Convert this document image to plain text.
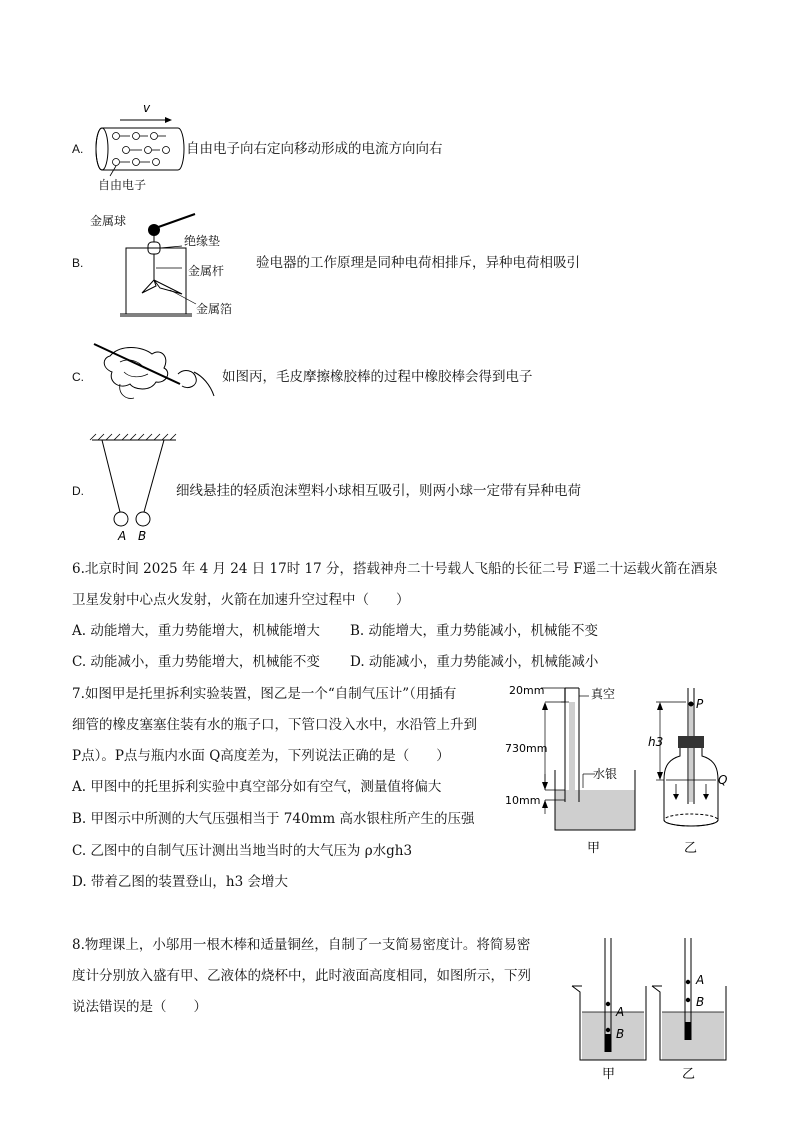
A.
v
自由电子
自由电子向右定向移动形成的电流方向向右
B.
金属球
绝缘垫
金属杆
金属箔
验电器的工作原理是同种电荷相排斥，异种电荷相吸引
C.	如图丙，毛皮摩擦橡胶棒的过程中橡胶棒会得到电子
D.
A B
细线悬挂的轻质泡沫塑料小球相互吸引，则两小球一定带有异种电荷
6.北京时间 2025 年 4 月 24 日 17时 17 分，搭载神舟二十号载人飞船的长征二号 F遥二十运载火箭在酒泉
卫星发射中心点火发射，火箭在加速升空过程中（　　）
A. 动能增大，重力势能增大，机械能增大 B. 动能增大，重力势能减小，机械能不变
C. 动能减小，重力势能增大，机械能不变 D. 动能减小，重力势能减小，机械能减小
7.如图甲是托里拆利实验装置，图乙是一个“自制气压计”（用插有
细管的橡皮塞塞住装有水的瓶子口，下管口没入水中，水沿管上升到
P点）。P点与瓶内水面 Q高度差为，下列说法正确的是（　　）
A. 甲图中的托里拆利实验中真空部分如有空气，测量值将偏大
B. 甲图示中所测的大气压强相当于 740mm 高水银柱所产生的压强
C. 乙图中的自制气压计测出当地当时的大气压为 ρ水gh3
D. 带着乙图的装置登山，h3 会增大
20mm	真空
730mm
水银
10mm
甲
P
h3
Q
乙
8.物理课上，小邬用一根木棒和适量铜丝，自制了一支简易密度计。将简易密
度计分别放入盛有甲、乙液体的烧杯中，此时液面高度相同，如图所示，下列
说法错误的是（　　）	A
B
甲
A
B
乙
